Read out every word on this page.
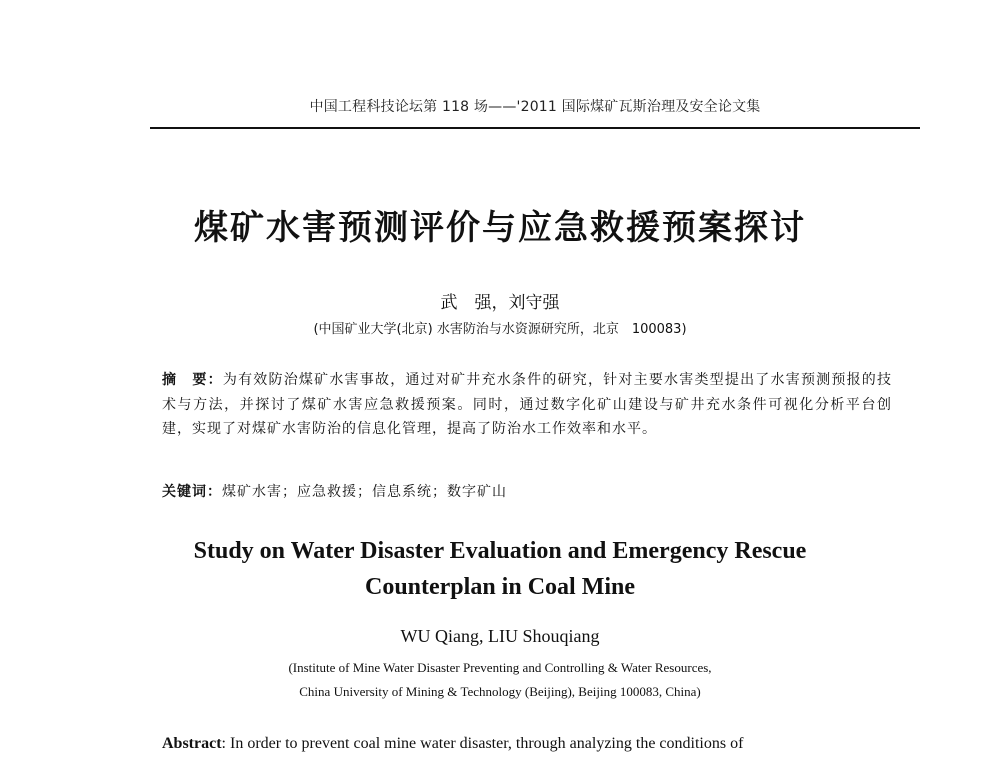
中国工程科技论坛第 118 场——'2011 国际煤矿瓦斯治理及安全论文集
煤矿水害预测评价与应急救援预案探讨
武　强，刘守强
(中国矿业大学(北京) 水害防治与水资源研究所，北京　100083)
摘　要：为有效防治煤矿水害事故，通过对矿井充水条件的研究，针对主要水害类型提出了水害预测预报的技术与方法，并探讨了煤矿水害应急救援预案。同时，通过数字化矿山建设与矿井充水条件可视化分析平台创建，实现了对煤矿水害防治的信息化管理，提高了防治水工作效率和水平。
关键词：煤矿水害；应急救援；信息系统；数字矿山
Study on Water Disaster Evaluation and Emergency Rescue
Counterplan in Coal Mine
WU Qiang, LIU Shouqiang
(Institute of Mine Water Disaster Preventing and Controlling & Water Resources,
China University of Mining & Technology (Beijing), Beijing 100083, China)
Abstract: In order to prevent coal mine water disaster, through analyzing the conditions of
